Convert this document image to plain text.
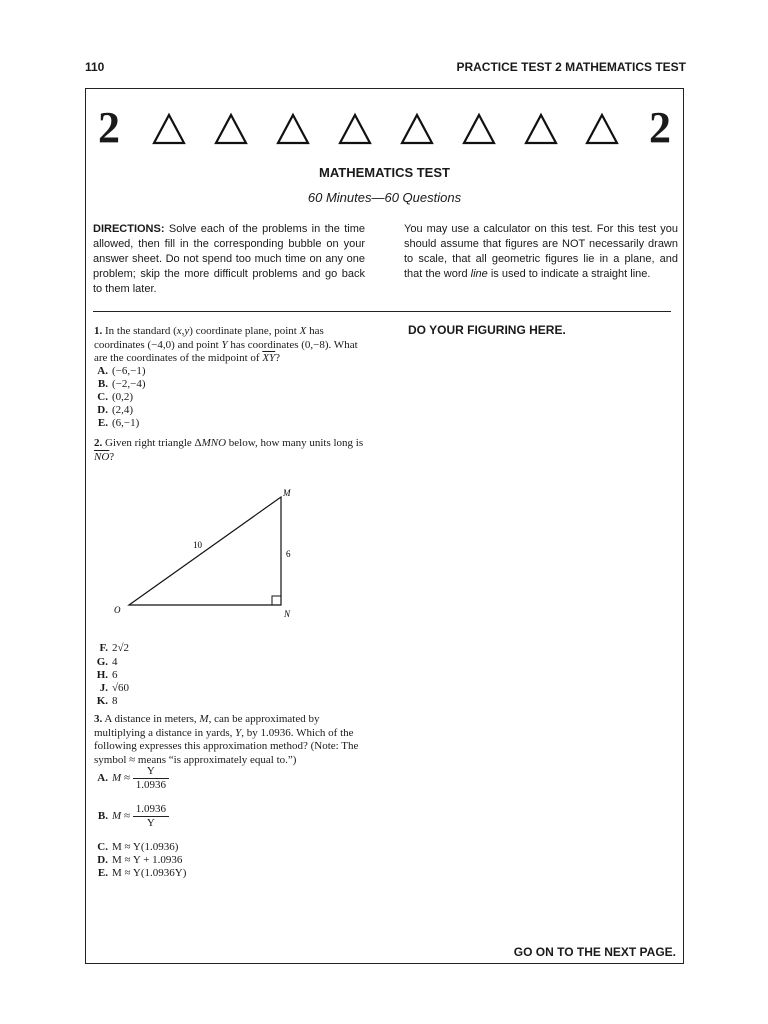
110	PRACTICE TEST 2 MATHEMATICS TEST
2	2
MATHEMATICS TEST
60 Minutes—60 Questions
DIRECTIONS: Solve each of the problems in the time allowed, then fill in the corresponding bubble on your answer sheet. Do not spend too much time on any one problem; skip the more difficult problems and go back to them later.
You may use a calculator on this test. For this test you should assume that figures are NOT necessarily drawn to scale, that all geometric figures lie in a plane, and that the word line is used to indicate a straight line.
DO YOUR FIGURING HERE.
1. In the standard (x,y) coordinate plane, point X has coordinates (−4,0) and point Y has coordinates (0,−8). What are the coordinates of the midpoint of $\overline{XY}$?
A. (−6,−1)
B. (−2,−4)
C. (0,2)
D. (2,4)
E. (6,−1)
2. Given right triangle ΔMNO below, how many units long is $\overline{NO}$?
M
N
O
10
6
F. 2√2
G. 4
H. 6
J. √60
K. 8
3. A distance in meters, M, can be approximated by multiplying a distance in yards, Y, by 1.0936. Which of the following expresses this approximation method? (Note: The symbol ≈ means “is approximately equal to.”)
A. $M \approx \frac{Y}{1.0936}$
B. $M \approx \frac{1.0936}{Y}$
C. M ≈ Y(1.0936)
D. M ≈ Y + 1.0936
E. M ≈ Y(1.0936Y)
GO ON TO THE NEXT PAGE.
